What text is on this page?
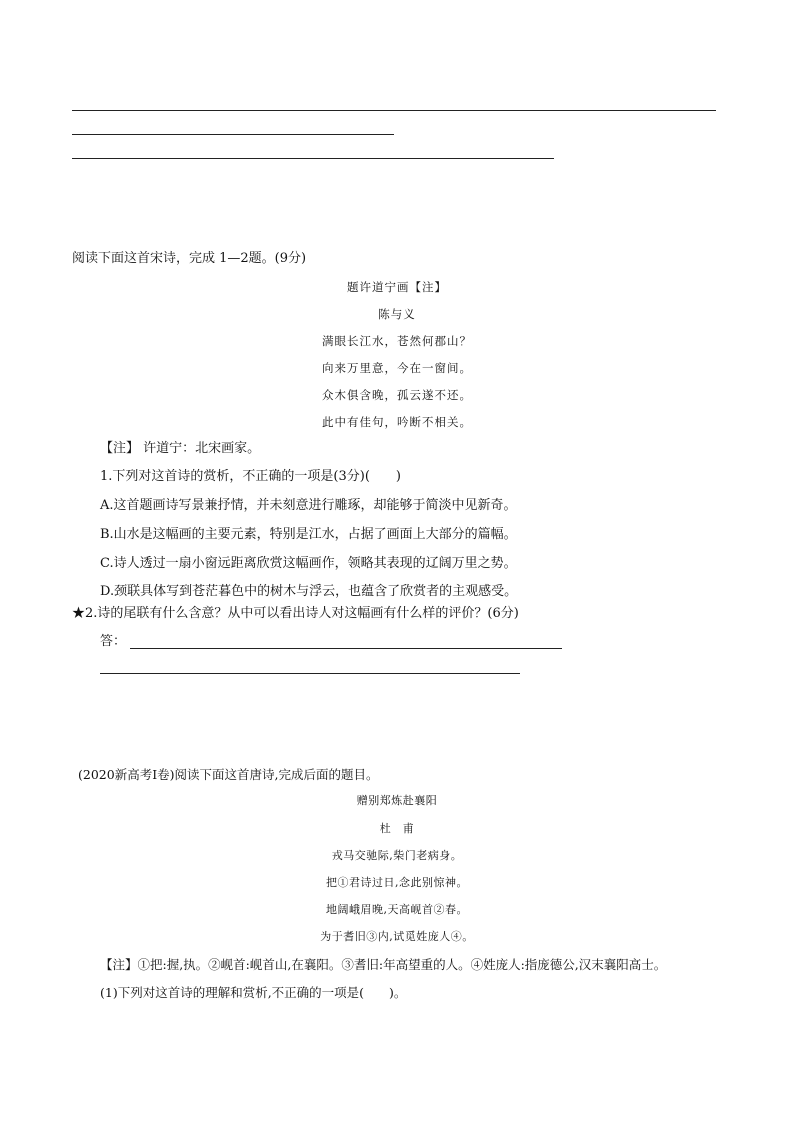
阅读下面这首宋诗，完成 1—2题。(9分)
题许道宁画【注】
陈与义
满眼长江水，苍然何郡山？
向来万里意，今在一窗间。
众木俱含晚，孤云遂不还。
此中有佳句，吟断不相关。
【注】 许道宁：北宋画家。
1.下列对这首诗的赏析，不正确的一项是(3分)(　　)
A.这首题画诗写景兼抒情，并未刻意进行雕琢，却能够于简淡中见新奇。
B.山水是这幅画的主要元素，特别是江水，占据了画面上大部分的篇幅。
C.诗人透过一扇小窗远距离欣赏这幅画作，领略其表现的辽阔万里之势。
D.颈联具体写到苍茫暮色中的树木与浮云，也蕴含了欣赏者的主观感受。
★2.诗的尾联有什么含意？从中可以看出诗人对这幅画有什么样的评价？(6分)
答：
(2020新高考Ⅰ卷)阅读下面这首唐诗,完成后面的题目。
赠别郑炼赴襄阳
杜　甫
戎马交驰际,柴门老病身。
把①君诗过日,念此别惊神。
地阔峨眉晚,天高岘首②春。
为于耆旧③内,试觅姓庞人④。
【注】①把:握,执。②岘首:岘首山,在襄阳。③耆旧:年高望重的人。④姓庞人:指庞德公,汉末襄阳高士。
(1)下列对这首诗的理解和赏析,不正确的一项是(　　)。
